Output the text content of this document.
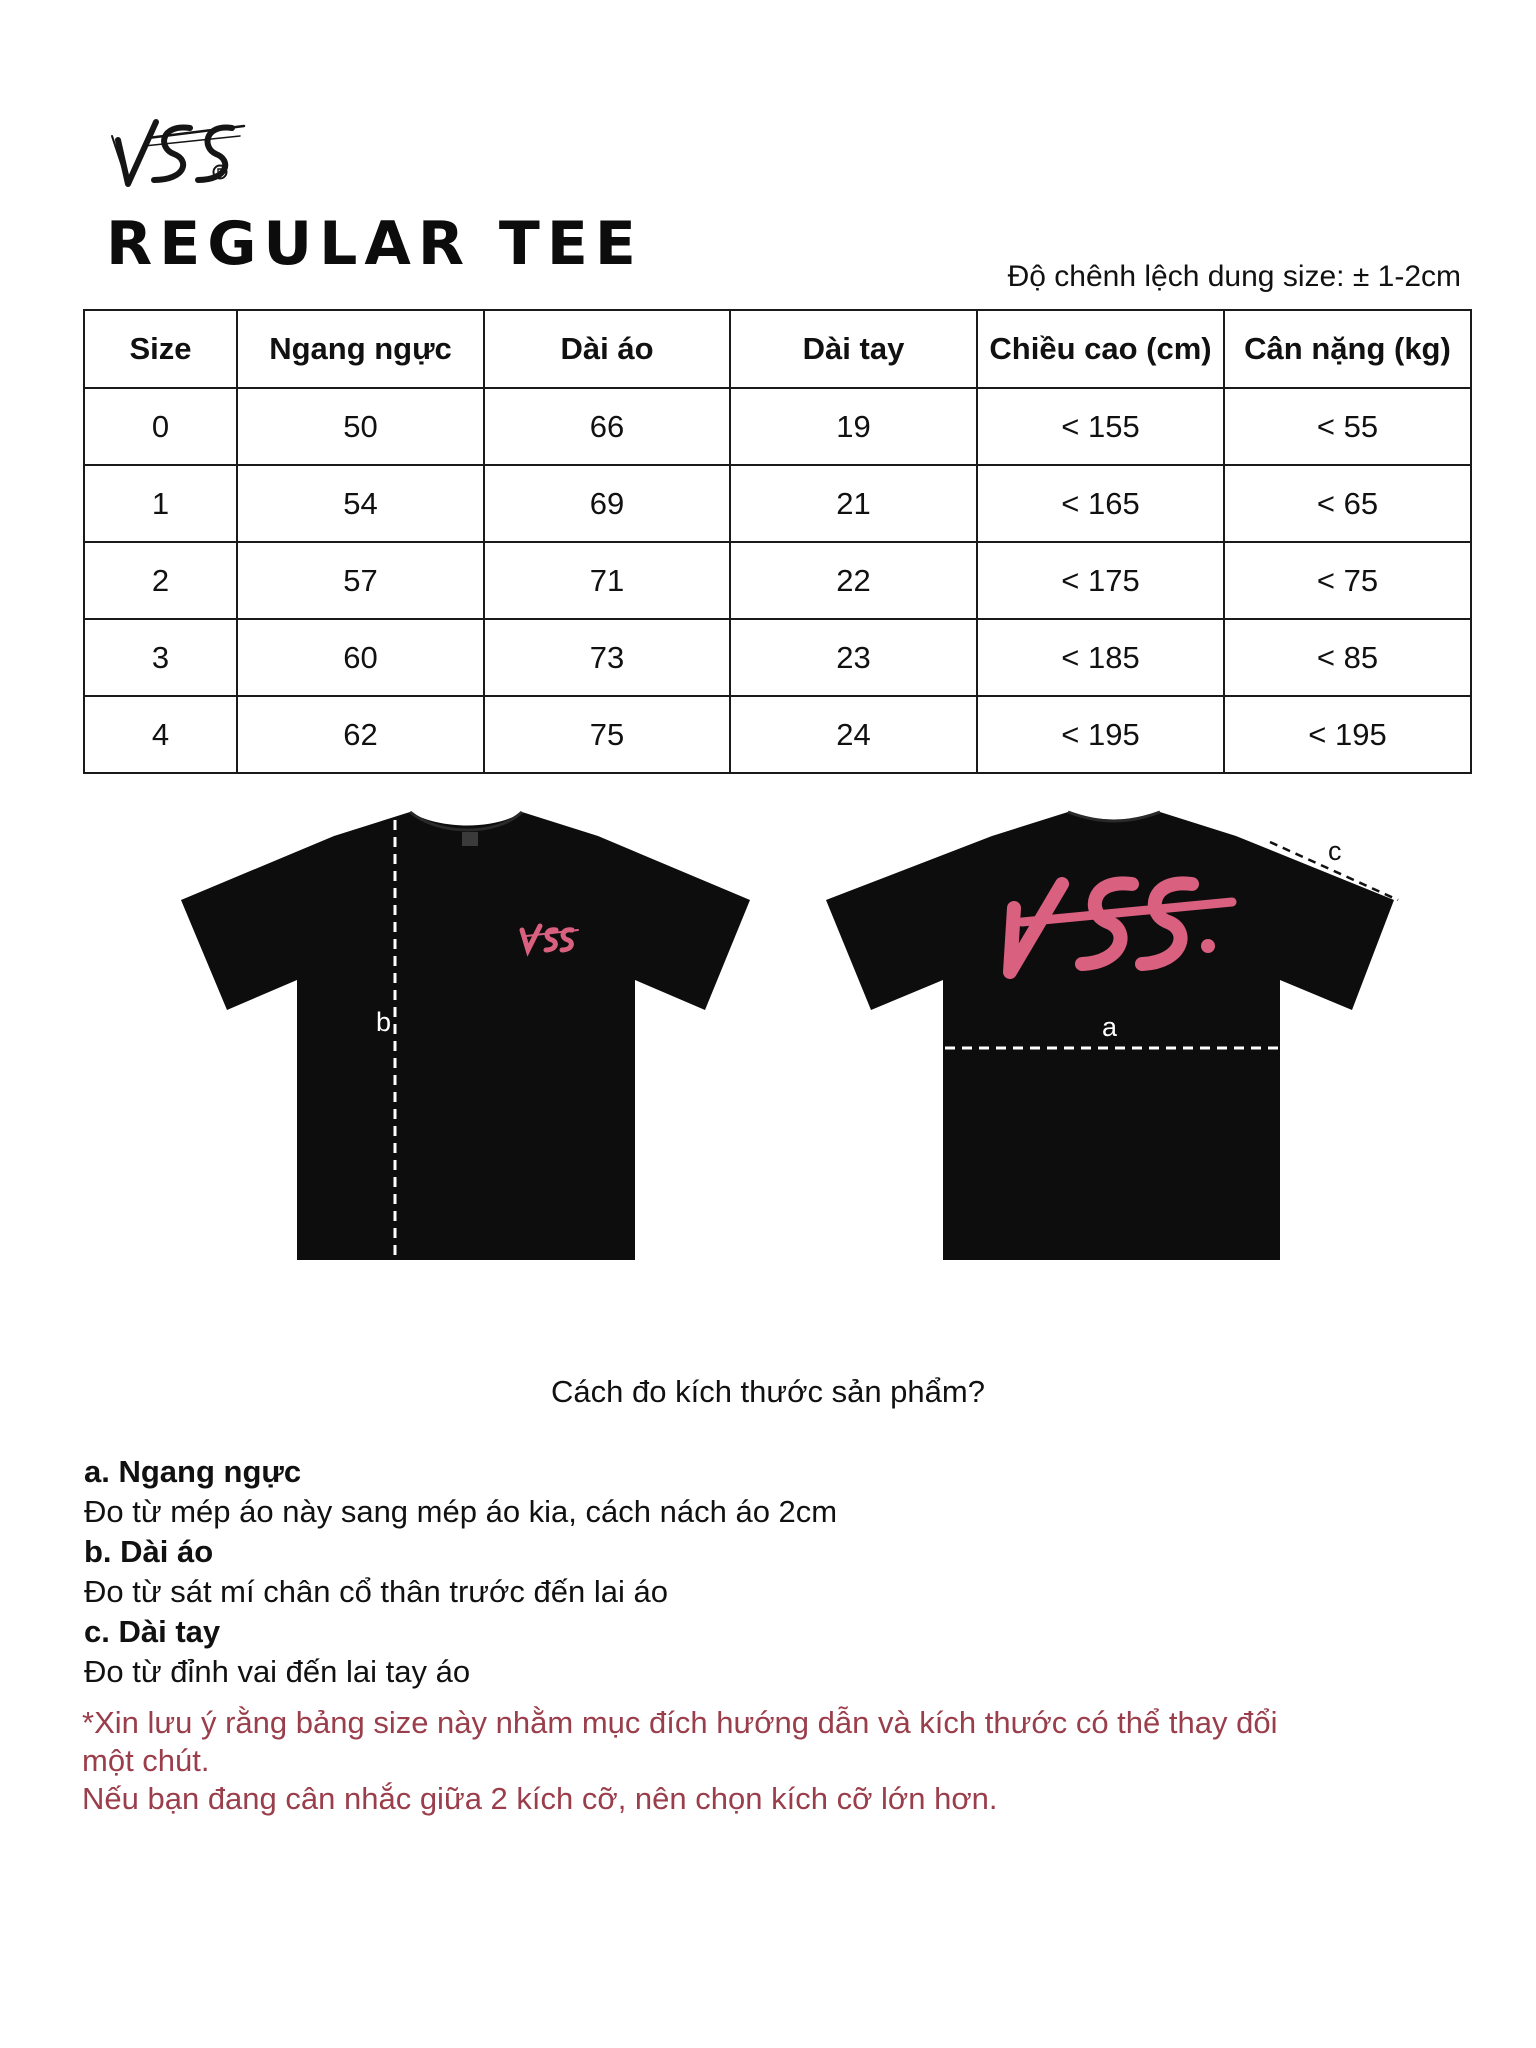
REGULAR TEE	Độ chênh lệch dung size: ± 1-2cm
Size	Ngang ngực	Dài áo	Dài tay	Chiều cao (cm)	Cân nặng (kg)
0	50	66	19	< 155	< 55
1	54	69	21	< 165	< 65
2	57	71	22	< 175	< 75
3	60	73	23	< 185	< 85
4	62	75	24	< 195	< 195
b	a
c
Cách đo kích thước sản phẩm?
a. Ngang ngực
Đo từ mép áo này sang mép áo kia, cách nách áo 2cm
b. Dài áo
Đo từ sát mí chân cổ thân trước đến lai áo
c. Dài tay
Đo từ đỉnh vai đến lai tay áo
*Xin lưu ý rằng bảng size này nhằm mục đích hướng dẫn và kích thước có thể thay đổi
một chút.
Nếu bạn đang cân nhắc giữa 2 kích cỡ, nên chọn kích cỡ lớn hơn.
